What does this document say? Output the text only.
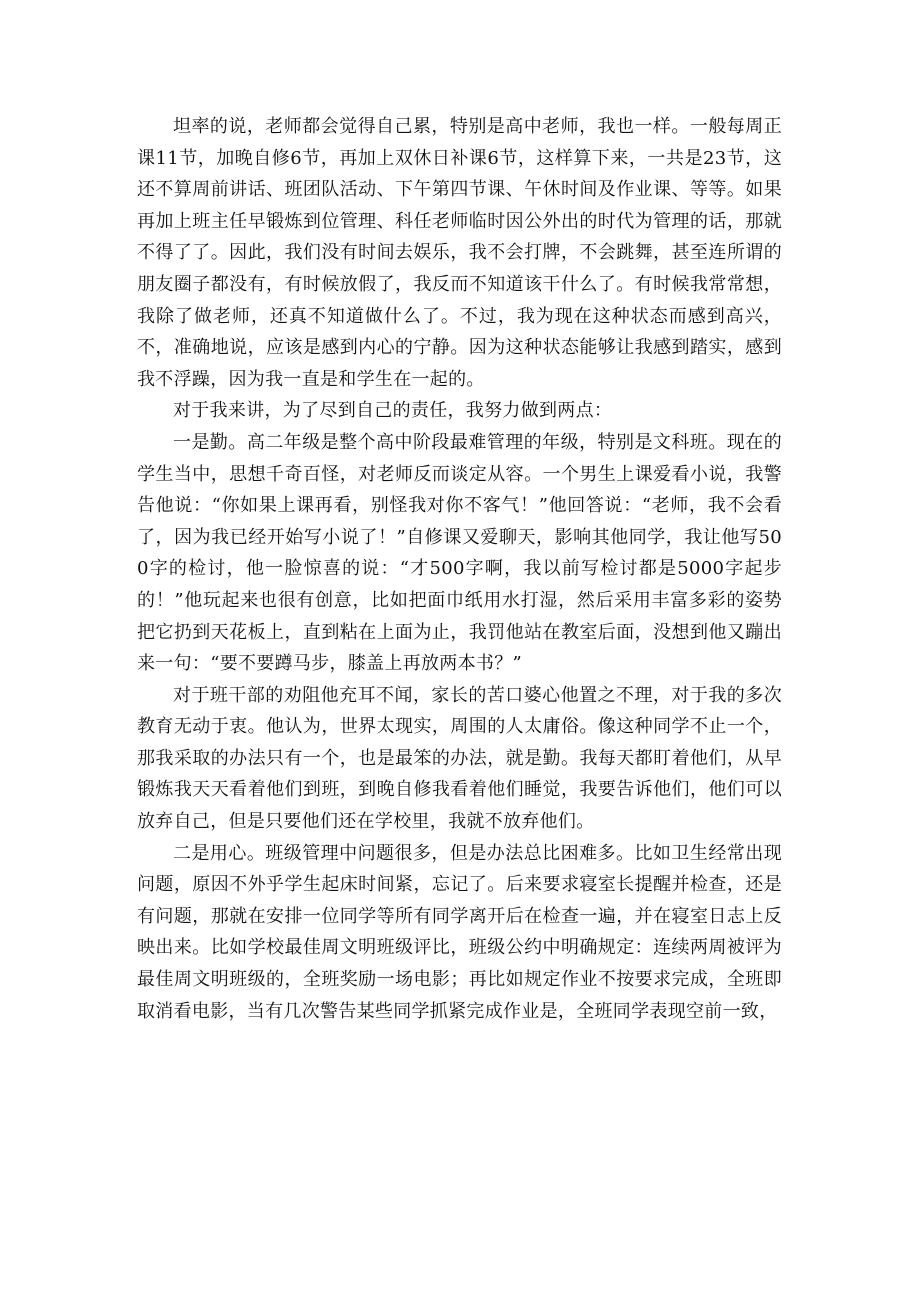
坦率的说，老师都会觉得自己累，特别是高中老师，我也一样。一般每周正课11节，加晚自修6节，再加上双休日补课6节，这样算下来，一共是23节，这还不算周前讲话、班团队活动、下午第四节课、午休时间及作业课、等等。如果再加上班主任早锻炼到位管理、科任老师临时因公外出的时代为管理的话，那就不得了了。因此，我们没有时间去娱乐，我不会打牌，不会跳舞，甚至连所谓的朋友圈子都没有，有时候放假了，我反而不知道该干什么了。有时候我常常想，我除了做老师，还真不知道做什么了。不过，我为现在这种状态而感到高兴，不，准确地说，应该是感到内心的宁静。因为这种状态能够让我感到踏实，感到我不浮躁，因为我一直是和学生在一起的。

对于我来讲，为了尽到自己的责任，我努力做到两点：

一是勤。高二年级是整个高中阶段最难管理的年级，特别是文科班。现在的学生当中，思想千奇百怪，对老师反而谈定从容。一个男生上课爱看小说，我警告他说：“你如果上课再看，别怪我对你不客气！”他回答说：“老师，我不会看了，因为我已经开始写小说了！”自修课又爱聊天，影响其他同学，我让他写500字的检讨，他一脸惊喜的说：“才500字啊，我以前写检讨都是5000字起步的！”他玩起来也很有创意，比如把面巾纸用水打湿，然后采用丰富多彩的姿势把它扔到天花板上，直到粘在上面为止，我罚他站在教室后面，没想到他又蹦出来一句：“要不要蹲马步，膝盖上再放两本书？”

对于班干部的劝阻他充耳不闻，家长的苦口婆心他置之不理，对于我的多次教育无动于衷。他认为，世界太现实，周围的人太庸俗。像这种同学不止一个，那我采取的办法只有一个，也是最笨的办法，就是勤。我每天都盯着他们，从早锻炼我天天看着他们到班，到晚自修我看着他们睡觉，我要告诉他们，他们可以放弃自己，但是只要他们还在学校里，我就不放弃他们。

二是用心。班级管理中问题很多，但是办法总比困难多。比如卫生经常出现问题，原因不外乎学生起床时间紧，忘记了。后来要求寝室长提醒并检查，还是有问题，那就在安排一位同学等所有同学离开后在检查一遍，并在寝室日志上反映出来。比如学校最佳周文明班级评比，班级公约中明确规定：连续两周被评为最佳周文明班级的，全班奖励一场电影；再比如规定作业不按要求完成，全班即取消看电影，当有几次警告某些同学抓紧完成作业是，全班同学表现空前一致，
